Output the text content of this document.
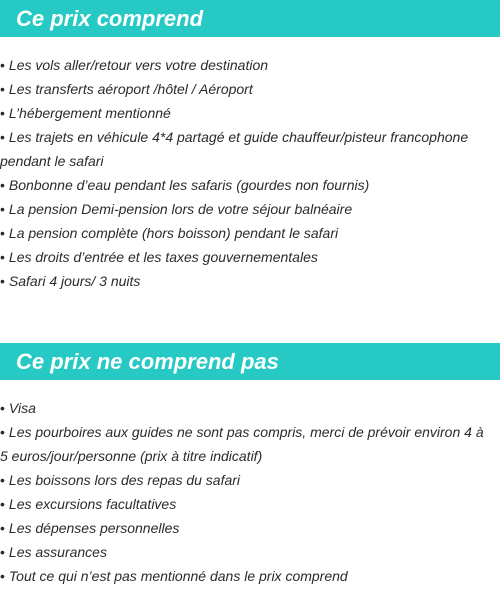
Ce prix comprend
• Les vols aller/retour vers votre destination
• Les transferts aéroport /hôtel / Aéroport
• L’hébergement mentionné
• Les trajets en véhicule 4*4 partagé et guide chauffeur/pisteur francophone pendant le safari
• Bonbonne d’eau pendant les safaris (gourdes non fournis)
• La pension Demi-pension lors de votre séjour balnéaire
• La pension complète (hors boisson) pendant le safari
• Les droits d’entrée et les taxes gouvernementales
• Safari 4 jours/ 3 nuits
Ce prix ne comprend pas
• Visa
• Les pourboires aux guides ne sont pas compris, merci de prévoir environ 4 à 5 euros/jour/personne (prix à titre indicatif)
• Les boissons lors des repas du safari
• Les excursions facultatives
• Les dépenses personnelles
• Les assurances
• Tout ce qui n’est pas mentionné dans le prix comprend
